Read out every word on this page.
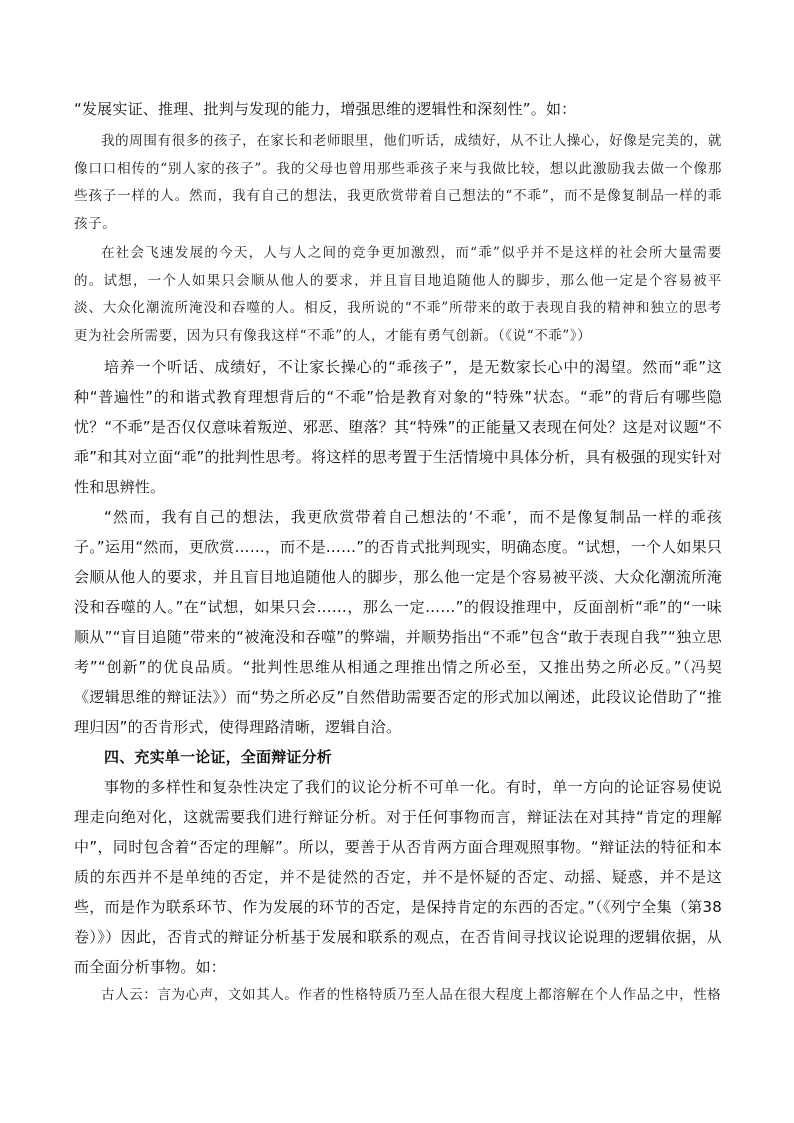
“发展实证、推理、批判与发现的能力，增强思维的逻辑性和深刻性”。如：

我的周围有很多的孩子，在家长和老师眼里，他们听话，成绩好，从不让人操心，好像是完美的，就像口口相传的“别人家的孩子”。我的父母也曾用那些乖孩子来与我做比较，想以此激励我去做一个像那些孩子一样的人。然而，我有自己的想法，我更欣赏带着自己想法的“不乖”，而不是像复制品一样的乖孩子。

在社会飞速发展的今天，人与人之间的竞争更加激烈，而“乖”似乎并不是这样的社会所大量需要的。试想，一个人如果只会顺从他人的要求，并且盲目地追随他人的脚步，那么他一定是个容易被平淡、大众化潮流所淹没和吞噬的人。相反，我所说的“不乖”所带来的敢于表现自我的精神和独立的思考更为社会所需要，因为只有像我这样“不乖”的人，才能有勇气创新。（《说“不乖”》）

培养一个听话、成绩好，不让家长操心的“乖孩子”，是无数家长心中的渴望。然而“乖”这种“普遍性”的和谐式教育理想背后的“不乖”恰是教育对象的“特殊”状态。“乖”的背后有哪些隐忧？“不乖”是否仅仅意味着叛逆、邪恶、堕落？其“特殊”的正能量又表现在何处？这是对议题“不乖”和其对立面“乖”的批判性思考。将这样的思考置于生活情境中具体分析，具有极强的现实针对性和思辨性。

“然而，我有自己的想法，我更欣赏带着自己想法的‘不乖’，而不是像复制品一样的乖孩子。”运用“然而，更欣赏……，而不是……”的否肯式批判现实，明确态度。“试想，一个人如果只会顺从他人的要求，并且盲目地追随他人的脚步，那么他一定是个容易被平淡、大众化潮流所淹没和吞噬的人。”在“试想，如果只会……，那么一定……”的假设推理中，反面剖析“乖”的“一味顺从”“盲目追随”带来的“被淹没和吞噬”的弊端，并顺势指出“不乖”包含“敢于表现自我”“独立思考”“创新”的优良品质。“批判性思维从相通之理推出情之所必至，又推出势之所必反。”（冯契《逻辑思维的辩证法》）而“势之所必反”自然借助需要否定的形式加以阐述，此段议论借助了“推理归因”的否肯形式，使得理路清晰，逻辑自洽。

四、充实单一论证，全面辩证分析

事物的多样性和复杂性决定了我们的议论分析不可单一化。有时，单一方向的论证容易使说理走向绝对化，这就需要我们进行辩证分析。对于任何事物而言，辩证法在对其持“肯定的理解中”，同时包含着“否定的理解”。所以，要善于从否肯两方面合理观照事物。“辩证法的特征和本质的东西并不是单纯的否定，并不是徒然的否定，并不是怀疑的否定、动摇、疑惑，并不是这些，而是作为联系环节、作为发展的环节的否定，是保持肯定的东西的否定。”（《列宁全集（第38卷）》）因此，否肯式的辩证分析基于发展和联系的观点，在否肯间寻找议论说理的逻辑依据，从而全面分析事物。如：

古人云：言为心声，文如其人。作者的性格特质乃至人品在很大程度上都溶解在个人作品之中，性格
